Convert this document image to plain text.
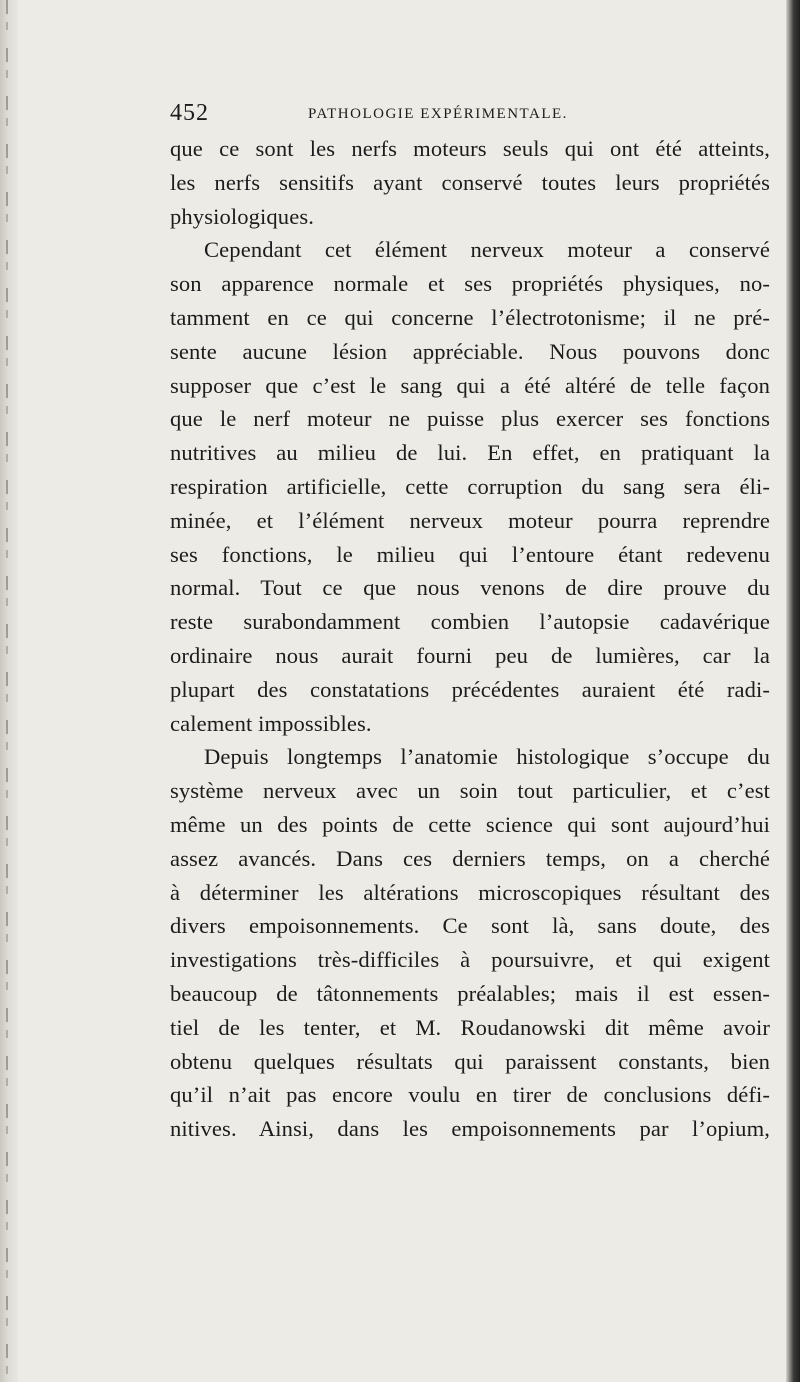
452	PATHOLOGIE EXPÉRIMENTALE.
que ce sont les nerfs moteurs seuls qui ont été atteints,
les nerfs sensitifs ayant conservé toutes leurs propriétés
physiologiques.
Cependant cet élément nerveux moteur a conservé
son apparence normale et ses propriétés physiques, no-
tamment en ce qui concerne l’électrotonisme; il ne pré-
sente aucune lésion appréciable. Nous pouvons donc
supposer que c’est le sang qui a été altéré de telle façon
que le nerf moteur ne puisse plus exercer ses fonctions
nutritives au milieu de lui. En effet, en pratiquant la
respiration artificielle, cette corruption du sang sera éli-
minée, et l’élément nerveux moteur pourra reprendre
ses fonctions, le milieu qui l’entoure étant redevenu
normal. Tout ce que nous venons de dire prouve du
reste surabondamment combien l’autopsie cadavérique
ordinaire nous aurait fourni peu de lumières, car la
plupart des constatations précédentes auraient été radi-
calement impossibles.
Depuis longtemps l’anatomie histologique s’occupe du
système nerveux avec un soin tout particulier, et c’est
même un des points de cette science qui sont aujourd’hui
assez avancés. Dans ces derniers temps, on a cherché
à déterminer les altérations microscopiques résultant des
divers empoisonnements. Ce sont là, sans doute, des
investigations très-difficiles à poursuivre, et qui exigent
beaucoup de tâtonnements préalables; mais il est essen-
tiel de les tenter, et M. Roudanowski dit même avoir
obtenu quelques résultats qui paraissent constants, bien
qu’il n’ait pas encore voulu en tirer de conclusions défi-
nitives. Ainsi, dans les empoisonnements par l’opium,
